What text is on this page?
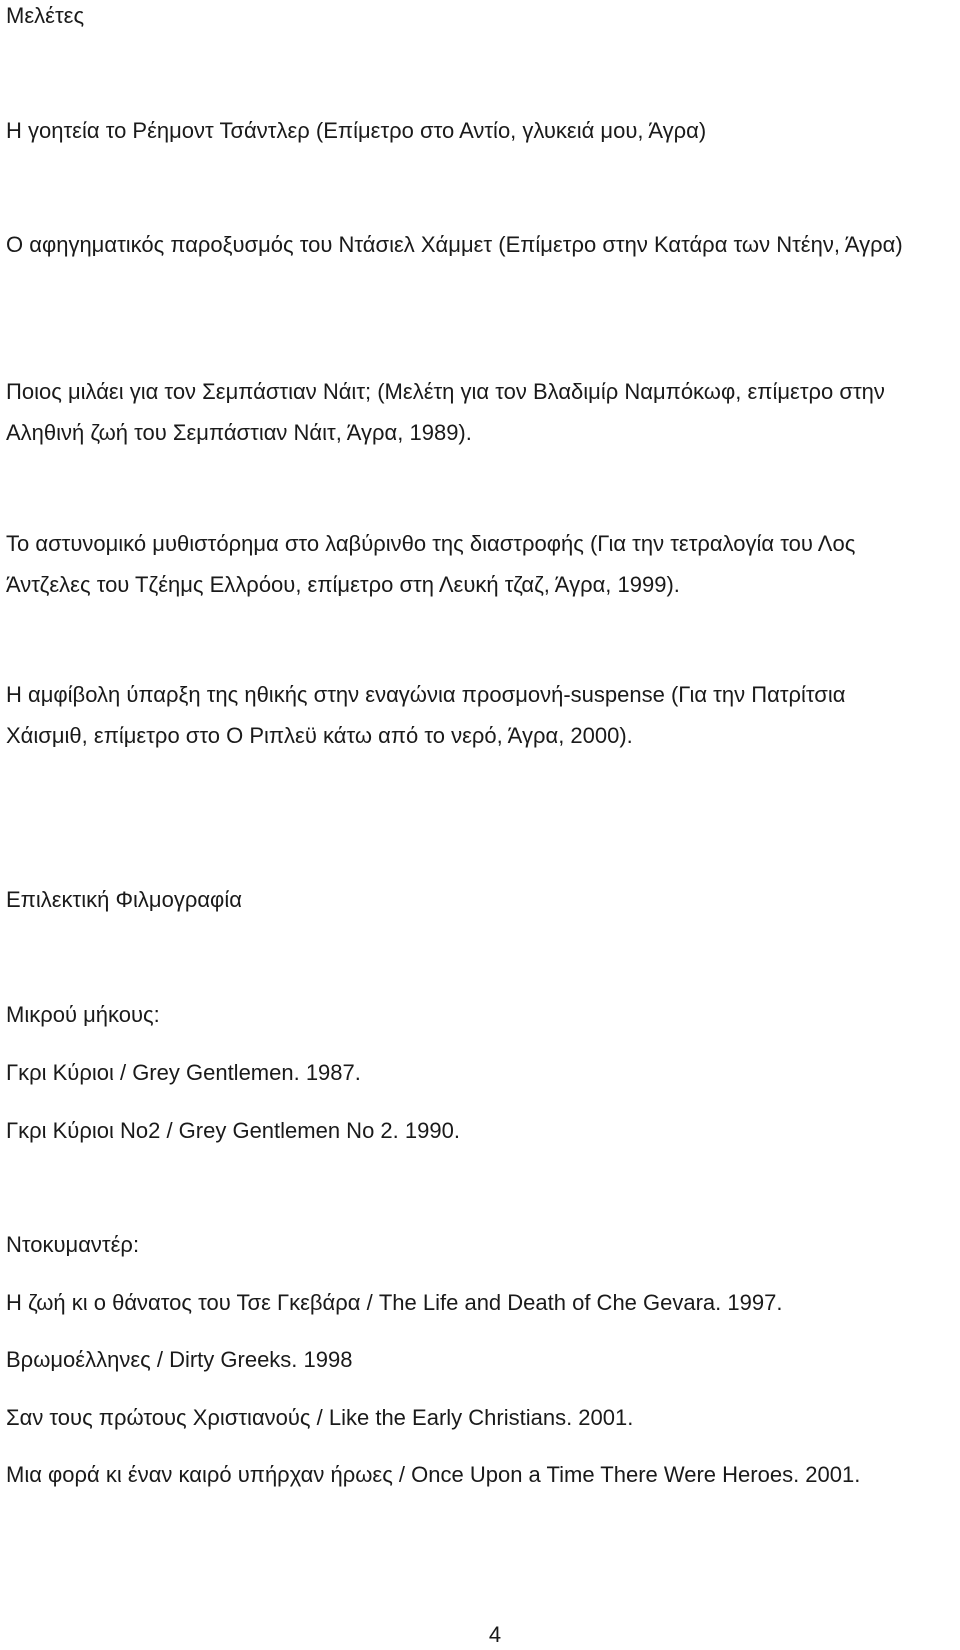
Μελέτες

Η γοητεία το Ρέημοντ Τσάντλερ (Επίμετρο στο Αντίο, γλυκειά μου, Άγρα)

Ο αφηγηματικός παροξυσμός του Ντάσιελ Χάμμετ (Επίμετρο στην Κατάρα των Ντέην, Άγρα)

Ποιος μιλάει για τον Σεμπάστιαν Νάιτ; (Μελέτη για τον Βλαδιμίρ Ναμπόκωφ, επίμετρο στην Αληθινή ζωή του Σεμπάστιαν Νάιτ, Άγρα, 1989).

Το αστυνομικό μυθιστόρημα στο λαβύρινθο της διαστροφής (Για την τετραλογία του Λος Άντζελες του Τζέημς Ελλρόου, επίμετρο στη Λευκή τζαζ, Άγρα, 1999).

Η αμφίβολη ύπαρξη της ηθικής στην εναγώνια προσμονή-suspense (Για την Πατρίτσια Χάισμιθ, επίμετρο στο Ο Ριπλεϋ κάτω από το νερό, Άγρα, 2000).

Επιλεκτική Φιλμογραφία

Μικρού μήκους:

Γκρι Κύριοι / Grey Gentlemen. 1987.

Γκρι Κύριοι Νο2 / Grey Gentlemen No 2. 1990.

Ντοκυμαντέρ:

Η ζωή κι ο θάνατος του Τσε Γκεβάρα / The Life and Death of Che Gevara. 1997.

Βρωμοέλληνες / Dirty Greeks. 1998

Σαν τους πρώτους Χριστιανούς / Like the Early Christians. 2001.

Μια φορά κι έναν καιρό υπήρχαν ήρωες / Once Upon a Time There Were Heroes. 2001.

4
